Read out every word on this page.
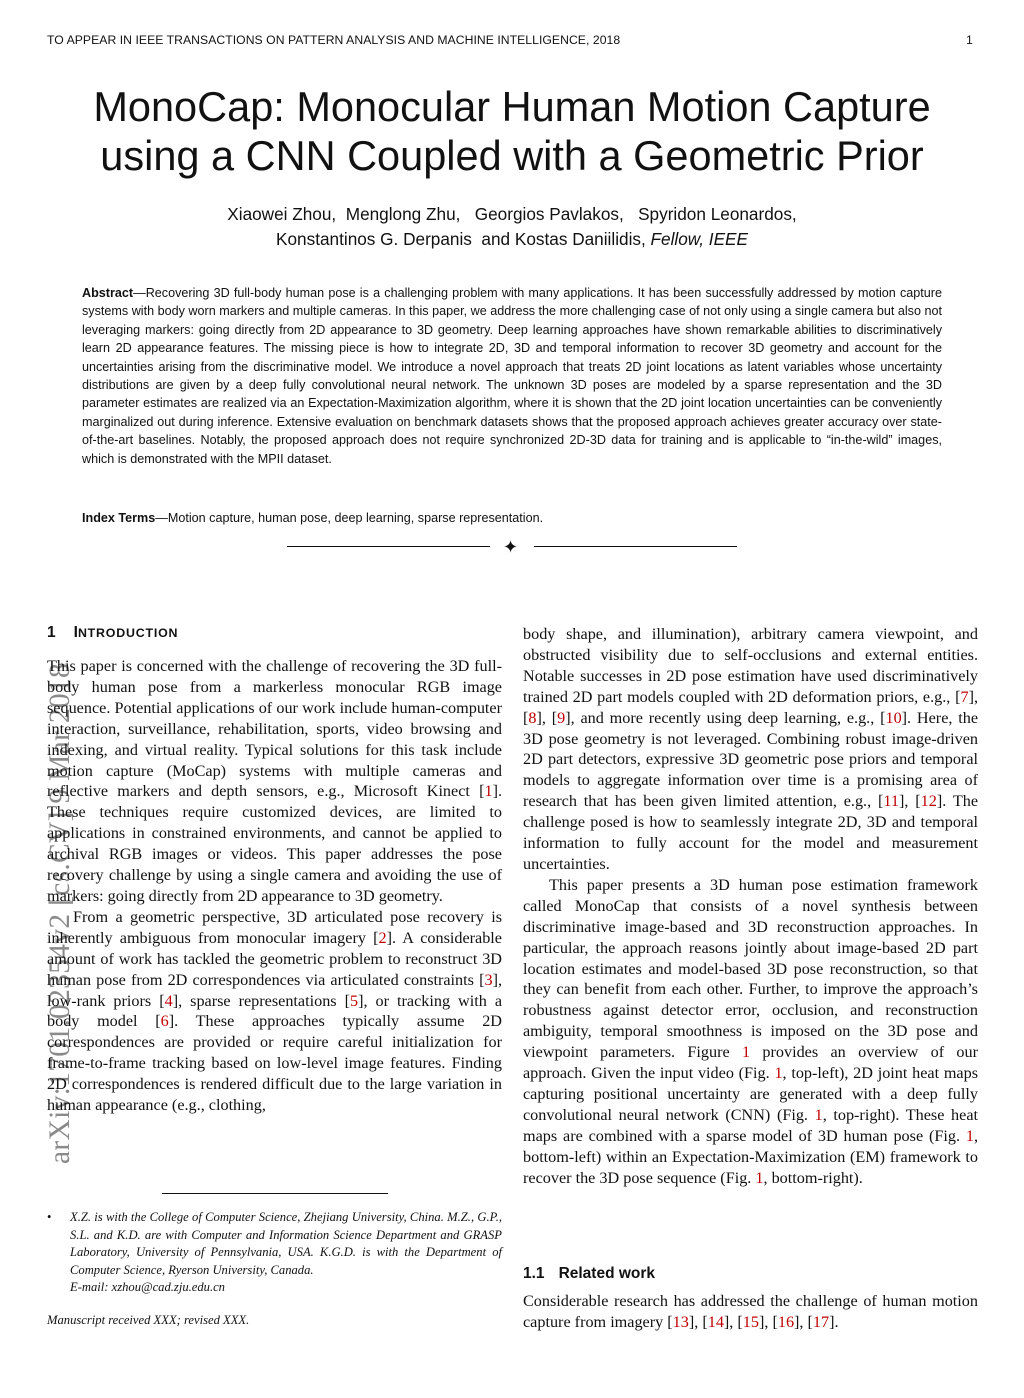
TO APPEAR IN IEEE TRANSACTIONS ON PATTERN ANALYSIS AND MACHINE INTELLIGENCE, 2018	1
MonoCap: Monocular Human Motion Capture
using a CNN Coupled with a Geometric Prior
Xiaowei Zhou,  Menglong Zhu,   Georgios Pavlakos,   Spyridon Leonardos,
Konstantinos G. Derpanis  and Kostas Daniilidis, Fellow, IEEE
Abstract—Recovering 3D full-body human pose is a challenging problem with many applications. It has been successfully addressed by motion capture systems with body worn markers and multiple cameras. In this paper, we address the more challenging case of not only using a single camera but also not leveraging markers: going directly from 2D appearance to 3D geometry. Deep learning approaches have shown remarkable abilities to discriminatively learn 2D appearance features. The missing piece is how to integrate 2D, 3D and temporal information to recover 3D geometry and account for the uncertainties arising from the discriminative model. We introduce a novel approach that treats 2D joint locations as latent variables whose uncertainty distributions are given by a deep fully convolutional neural network. The unknown 3D poses are modeled by a sparse representation and the 3D parameter estimates are realized via an Expectation-Maximization algorithm, where it is shown that the 2D joint location uncertainties can be conveniently marginalized out during inference. Extensive evaluation on benchmark datasets shows that the proposed approach achieves greater accuracy over state-of-the-art baselines. Notably, the proposed approach does not require synchronized 2D-3D data for training and is applicable to “in-the-wild” images, which is demonstrated with the MPII dataset.
Index Terms—Motion capture, human pose, deep learning, sparse representation.
✦
arXiv:1701.02354v2 [cs.CV] 9 Mar 2018
1 INTRODUCTION

This paper is concerned with the challenge of recovering the 3D full-body human pose from a markerless monocular RGB image sequence. Potential applications of our work include human-computer interaction, surveillance, rehabilitation, sports, video browsing and indexing, and virtual reality. Typical solutions for this task include motion capture (MoCap) systems with multiple cameras and reflective markers and depth sensors, e.g., Microsoft Kinect [1]. These techniques require customized devices, are limited to applications in constrained environments, and cannot be applied to archival RGB images or videos. This paper addresses the pose recovery challenge by using a single camera and avoiding the use of markers: going directly from 2D appearance to 3D geometry.

From a geometric perspective, 3D articulated pose recovery is inherently ambiguous from monocular imagery [2]. A considerable amount of work has tackled the geometric problem to reconstruct 3D human pose from 2D correspondences via articulated constraints [3], low-rank priors [4], sparse representations [5], or tracking with a body model [6]. These approaches typically assume 2D correspondences are provided or require careful initialization for frame-to-frame tracking based on low-level image features. Finding 2D correspondences is rendered difficult due to the large variation in human appearance (e.g., clothing,

• X.Z. is with the College of Computer Science, Zhejiang University, China. M.Z., G.P., S.L. and K.D. are with Computer and Information Science Department and GRASP Laboratory, University of Pennsylvania, USA. K.G.D. is with the Department of Computer Science, Ryerson University, Canada.
E-mail: xzhou@cad.zju.edu.cn
Manuscript received XXX; revised XXX.

body shape, and illumination), arbitrary camera viewpoint, and obstructed visibility due to self-occlusions and external entities. Notable successes in 2D pose estimation have used discriminatively trained 2D part models coupled with 2D deformation priors, e.g., [7], [8], [9], and more recently using deep learning, e.g., [10]. Here, the 3D pose geometry is not leveraged. Combining robust image-driven 2D part detectors, expressive 3D geometric pose priors and temporal models to aggregate information over time is a promising area of research that has been given limited attention, e.g., [11], [12]. The challenge posed is how to seamlessly integrate 2D, 3D and temporal information to fully account for the model and measurement uncertainties.

This paper presents a 3D human pose estimation framework called MonoCap that consists of a novel synthesis between discriminative image-based and 3D reconstruction approaches. In particular, the approach reasons jointly about image-based 2D part location estimates and model-based 3D pose reconstruction, so that they can benefit from each other. Further, to improve the approach’s robustness against detector error, occlusion, and reconstruction ambiguity, temporal smoothness is imposed on the 3D pose and viewpoint parameters. Figure 1 provides an overview of our approach. Given the input video (Fig. 1, top-left), 2D joint heat maps capturing positional uncertainty are generated with a deep fully convolutional neural network (CNN) (Fig. 1, top-right). These heat maps are combined with a sparse model of 3D human pose (Fig. 1, bottom-left) within an Expectation-Maximization (EM) framework to recover the 3D pose sequence (Fig. 1, bottom-right).

1.1 Related work

Considerable research has addressed the challenge of human motion capture from imagery [13], [14], [15], [16], [17].
